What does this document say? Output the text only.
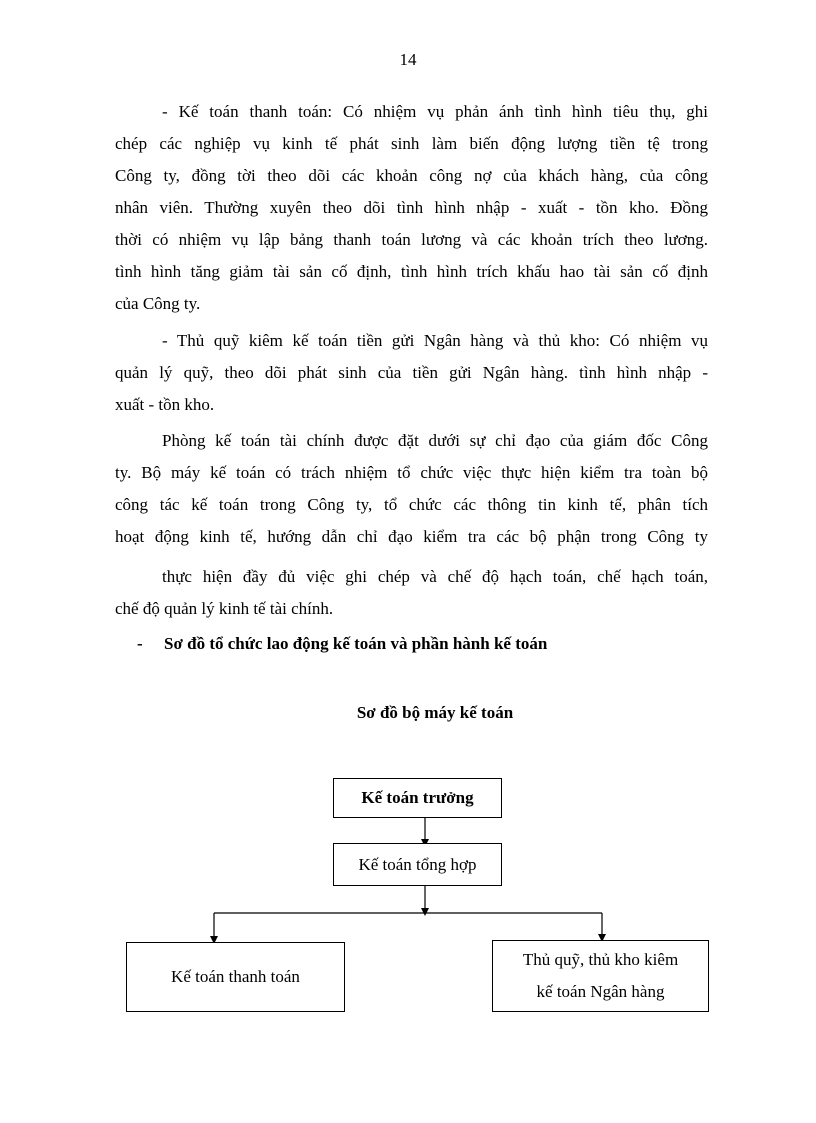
14
- Kế toán thanh toán: Có nhiệm vụ phản ánh tình hình tiêu thụ, ghi
chép các nghiệp vụ kinh tế phát sinh làm biến động lượng tiền tệ trong
Công ty, đồng tời theo dõi các khoản công nợ của khách hàng, của công
nhân viên. Thường xuyên theo dõi tình hình nhập - xuất - tồn kho. Đồng
thời có nhiệm vụ lập bảng thanh toán lương và các khoản trích theo lương.
tình hình tăng giảm tài sản cố định, tình hình trích khấu hao tài sản cố định
của Công ty.
- Thủ quỹ kiêm kế toán tiền gửi Ngân hàng và thủ kho: Có nhiệm vụ
quản lý quỹ, theo dõi phát sinh của tiền gửi Ngân hàng. tình hình nhập -
xuất - tồn kho.
Phòng kế toán tài chính được đặt dưới sự chỉ đạo của giám đốc Công
ty. Bộ máy kế toán có trách nhiệm tổ chức việc thực hiện kiểm tra toàn bộ
công tác kế toán trong Công ty, tổ chức các thông tin kinh tế, phân tích
hoạt động kinh tế, hướng dẫn chỉ đạo kiểm tra các bộ phận trong Công ty
thực hiện đầy đủ việc ghi chép và chế độ hạch toán, chế hạch toán,
chế độ quản lý kinh tế tài chính.
- Sơ đồ tổ chức lao động kế toán và phần hành kế toán
Sơ đồ bộ máy kế toán
Kế toán trưởng
Kế toán tổng hợp
Kế toán thanh toán
Thủ quỹ, thủ kho kiêm
kế toán Ngân hàng
